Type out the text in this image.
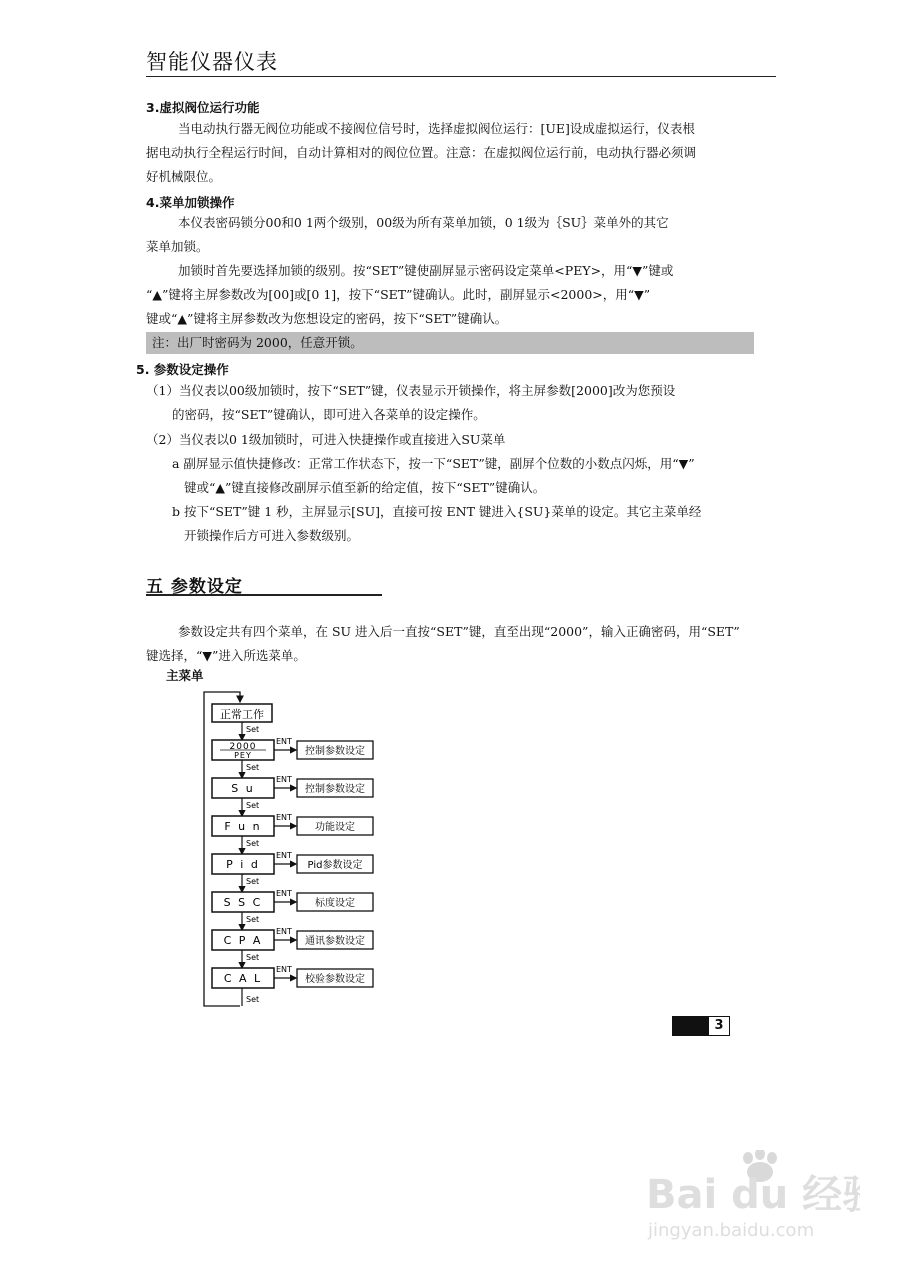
智能仪器仪表
3.虚拟阀位运行功能
当电动执行器无阀位功能或不接阀位信号时，选择虚拟阀位运行：[UE]设成虚拟运行，仪表根
据电动执行全程运行时间，自动计算相对的阀位位置。注意：在虚拟阀位运行前，电动执行器必须调
好机械限位。
4.菜单加锁操作
本仪表密码锁分00和0 1两个级别，00级为所有菜单加锁，0 1级为｛SU｝菜单外的其它
菜单加锁。
加锁时首先要选择加锁的级别。按“SET”键使副屏显示密码设定菜单<PEY>，用“▼”键或
“▲”键将主屏参数改为[00]或[0 1]，按下“SET”键确认。此时，副屏显示<2000>，用“▼”
键或“▲”键将主屏参数改为您想设定的密码，按下“SET”键确认。
注：出厂时密码为 2000，任意开锁。
5. 参数设定操作
（1）当仪表以00级加锁时，按下“SET”键，仪表显示开锁操作，将主屏参数[2000]改为您预设
的密码，按“SET”键确认，即可进入各菜单的设定操作。
（2）当仪表以0 1级加锁时，可进入快捷操作或直接进入SU菜单
a 副屏显示值快捷修改：正常工作状态下，按一下“SET”键，副屏个位数的小数点闪烁，用“▼”
键或“▲”键直接修改副屏示值至新的给定值，按下“SET”键确认。
b 按下“SET”键 1 秒，主屏显示[SU]，直接可按 ENT 键进入{SU}菜单的设定。其它主菜单经
开锁操作后方可进入参数级别。
五 参数设定
参数设定共有四个菜单，在 SU 进入后一直按“SET”键，直至出现“2000”，输入正确密码，用“SET”
键选择，“▼”进入所选菜单。
主菜单
正常工作
Set
2000
PEY
ENT
控制参数设定
Set
S u
ENT
控制参数设定
Set
F u n
ENT
功能设定
Set
P i d
ENT
Pid参数设定
Set
S S C
ENT
标度设定
Set
C P A
ENT
通讯参数设定
Set
C A L
ENT
校验参数设定
Set
3
Bai du 经验
jingyan.baidu.com
